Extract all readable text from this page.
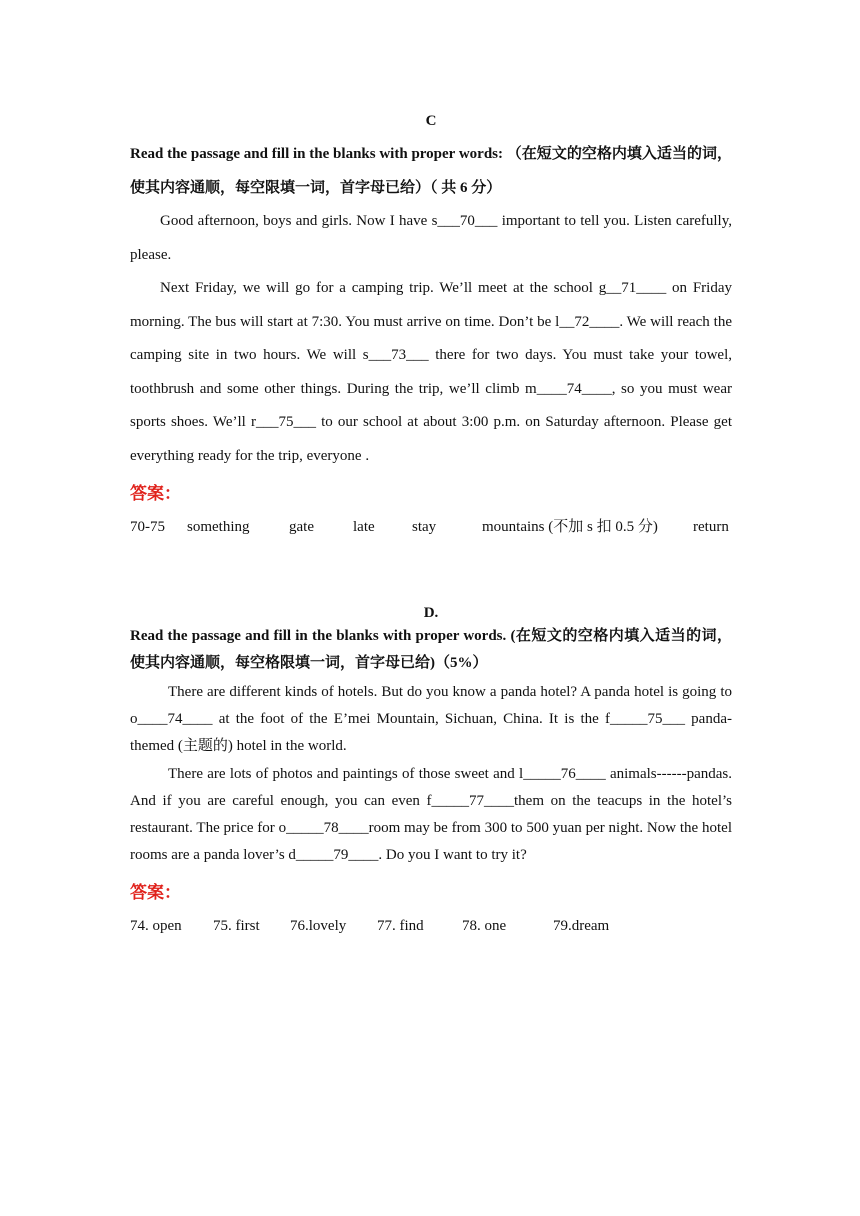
C
Read the passage and fill in the blanks with proper words: （在短文的空格内填入适当的词，使其内容通顺，每空限填一词，首字母已给）（ 共 6 分）
Good afternoon, boys and girls. Now I have s___70___ important to tell you. Listen carefully, please.
Next Friday, we will go for a camping trip. We’ll meet at the school g__71____ on Friday morning. The bus will start at 7:30. You must arrive on time. Don’t be l__72____. We will reach the camping site in two hours. We will s___73___ there for two days. You must take your towel, toothbrush and some other things. During the trip, we’ll climb m____74____, so you must wear sports shoes. We’ll r___75___ to our school at about 3:00 p.m. on Saturday afternoon. Please get everything ready for the trip, everyone .
答案：
70-75 something	gate	late stay	mountains (不加 s 扣 0.5 分) return
D.
Read the passage and fill in the blanks with proper words. (在短文的空格内填入适当的词，使其内容通顺，每空格限填一词，首字母已给)（5%）
There are different kinds of hotels. But do you know a panda hotel? A panda hotel is going to o____74____ at the foot of the E’mei Mountain, Sichuan, China. It is the f_____75___ panda-themed (主题的) hotel in the world.
There are lots of photos and paintings of those sweet and l_____76____ animals------pandas. And if you are careful enough, you can even f_____77____them on the teacups in the hotel’s restaurant. The price for o_____78____room may be from 300 to 500 yuan per night. Now the hotel rooms are a panda lover’s d_____79____. Do you I want to try it?
答案：
74. open 75. first 76.lovely 77. find	78. one	79.dream
